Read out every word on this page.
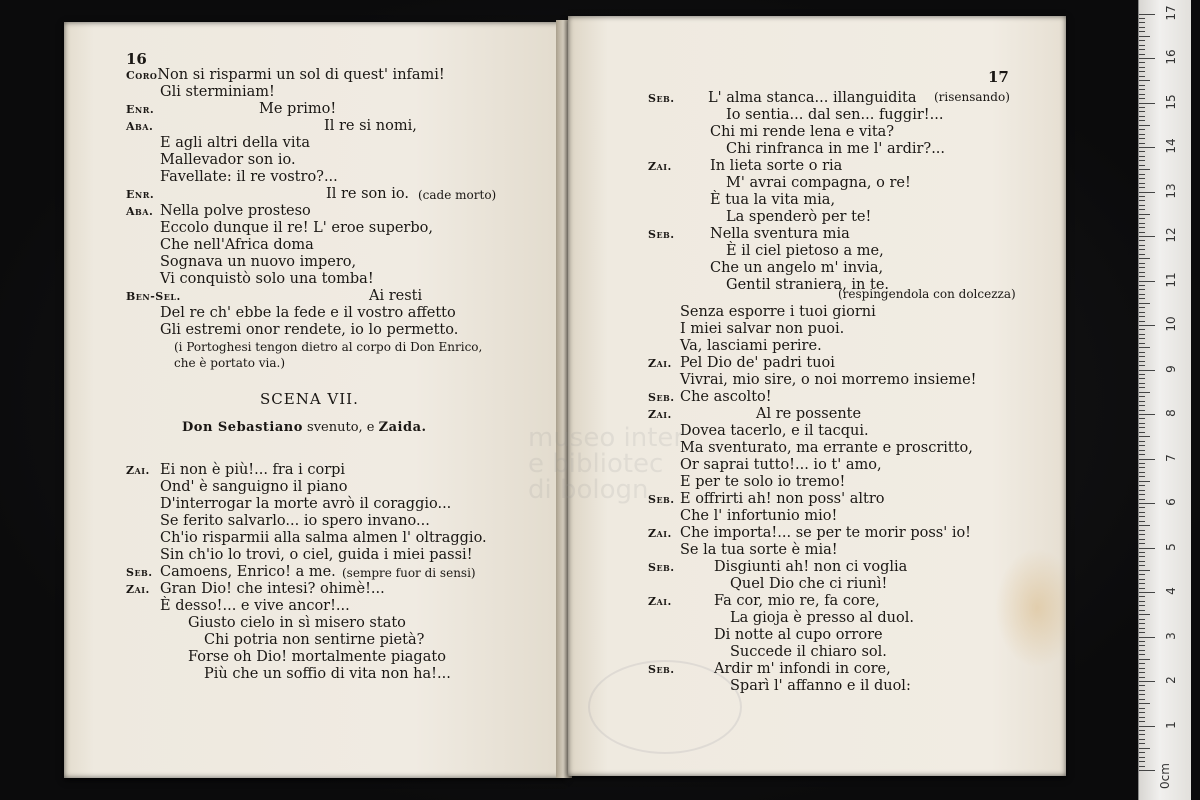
16
CoroNon si risparmi un sol di quest' infami!
Gli sterminiam!
Enr.	Me primo!
Aba.	Il re si nomi,
E agli altri della vita
Mallevador son io.
Favellate: il re vostro?...
Enr.	Il re son io. (cade morto)
Aba. Nella polve prosteso
Eccolo dunque il re! L' eroe superbo,
Che nell'Africa doma
Sognava un nuovo impero,
Vi conquistò solo una tomba!
Ben-Sel.	Ai resti
Del re ch' ebbe la fede e il vostro affetto
Gli estremi onor rendete, io lo permetto.
(i Portoghesi tengon dietro al corpo di Don Enrico,
che è portato via.)
SCENA VII.
Don Sebastiano svenuto, e Zaida.
Zai. Ei non è più!... fra i corpi
Ond' è sanguigno il piano
D'interrogar la morte avrò il coraggio...
Se ferito salvarlo... io spero invano...
Ch'io risparmii alla salma almen l' oltraggio.
Sin ch'io lo trovi, o ciel, guida i miei passi!
Seb. Camoens, Enrico! a me. (sempre fuor di sensi)
Zai. Gran Dio! che intesi? ohimè!...
È desso!... e vive ancor!...
Giusto cielo in sì misero stato
Chi potria non sentirne pietà?
Forse oh Dio! mortalmente piagato
Più che un soffio di vita non ha!...
17
Seb. L' alma stanca... illanguidita (risensando)
Io sentia... dal sen... fuggir!...
Chi mi rende lena e vita?
Chi rinfranca in me l' ardir?...
Zai.	In lieta sorte o ria
M' avrai compagna, o re!
È tua la vita mia,
La spenderò per te!
Seb. Nella sventura mia
È il ciel pietoso a me,
Che un angelo m' invia,
Gentil straniera, in te.
(respingendola con dolcezza)
Senza esporre i tuoi giorni
I miei salvar non puoi.
Va, lasciami perire.
Zai. Pel Dio de' padri tuoi
Vivrai, mio sire, o noi morremo insieme!
Seb. Che ascolto!
Zai.	Al re possente
Dovea tacerlo, e il tacqui.
Ma sventurato, ma errante e proscritto,
Or saprai tutto!... io t' amo,
E per te solo io tremo!
Seb. E offrirti ah! non poss' altro
Che l' infortunio mio!
Zai. Che importa!... se per te morir poss' io!
Se la tua sorte è mia!
Seb.	Disgiunti ah! non ci voglia
Quel Dio che ci riunì!
Zai.	Fa cor, mio re, fa core,
La gioja è presso al duol.
Di notte al cupo orrore
Succede il chiaro sol.
Seb.	Ardir m' infondi in core,
Sparì l' affanno e il duol:
0cm
1
2
3
4
5
6
7
8
9
10
11
12
13
14
15
16
17
